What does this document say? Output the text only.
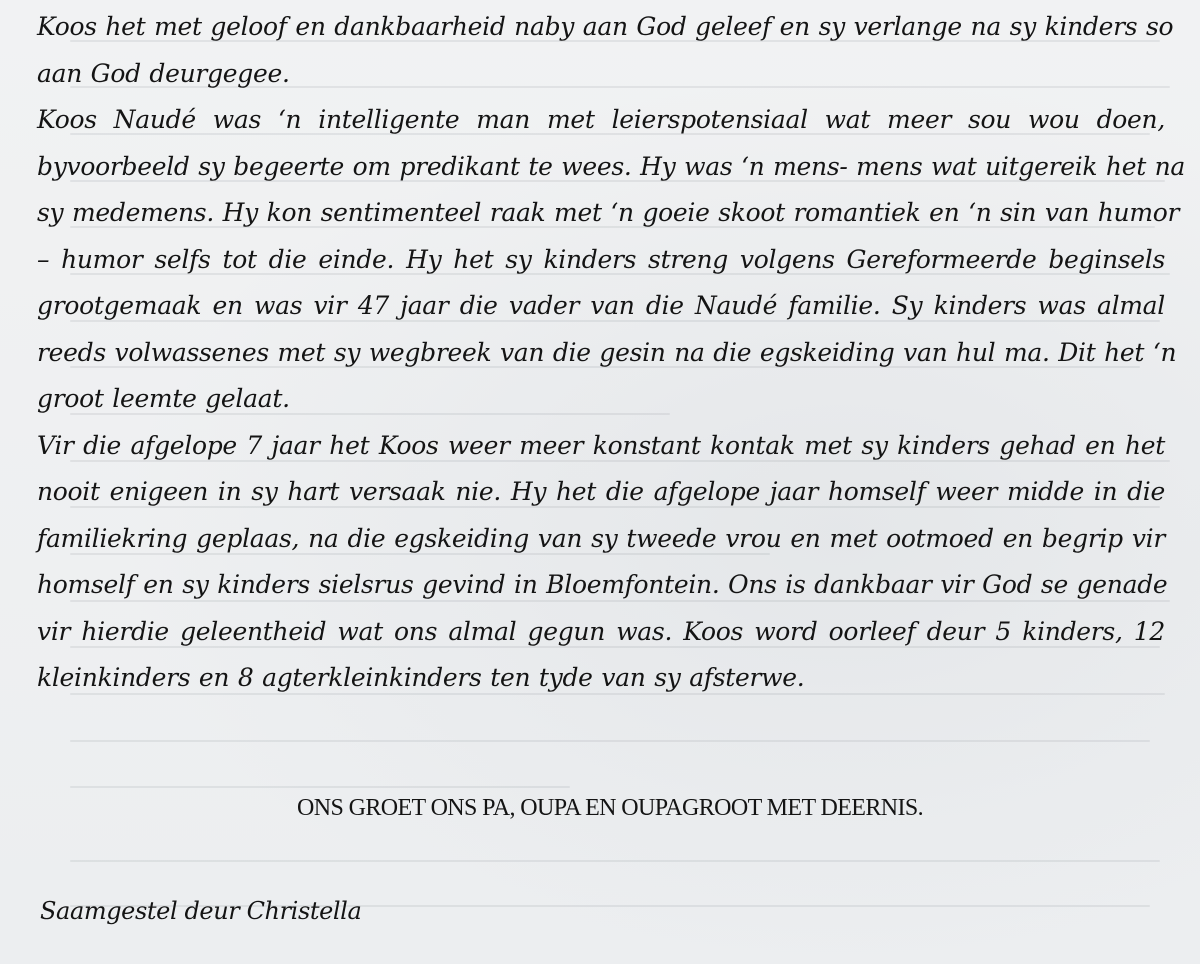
Koos het met geloof en dankbaarheid naby aan God geleef en sy verlange na sy kinders so
aan God deurgegee.
Koos Naudé was ‘n intelligente man met leierspotensiaal wat meer sou wou doen,
byvoorbeeld sy begeerte om predikant te wees. Hy was ‘n mens- mens wat uitgereik het na
sy medemens. Hy kon sentimenteel raak met ‘n goeie skoot romantiek en ‘n sin van humor
– humor selfs tot die einde. Hy het sy kinders streng volgens Gereformeerde beginsels
grootgemaak en was vir 47 jaar die vader van die Naudé familie. Sy kinders was almal
reeds volwassenes met sy wegbreek van die gesin na die egskeiding van hul ma. Dit het ‘n
groot leemte gelaat.
Vir die afgelope 7 jaar het Koos weer meer konstant kontak met sy kinders gehad en het
nooit enigeen in sy hart versaak nie. Hy het die afgelope jaar homself weer midde in die
familiekring geplaas, na die egskeiding van sy tweede vrou en met ootmoed en begrip vir
homself en sy kinders sielsrus gevind in Bloemfontein. Ons is dankbaar vir God se genade
vir hierdie geleentheid wat ons almal gegun was. Koos word oorleef deur 5 kinders, 12
kleinkinders en 8 agterkleinkinders ten tyde van sy afsterwe.
ONS GROET ONS PA, OUPA EN OUPAGROOT MET DEERNIS.
Saamgestel deur Christella
